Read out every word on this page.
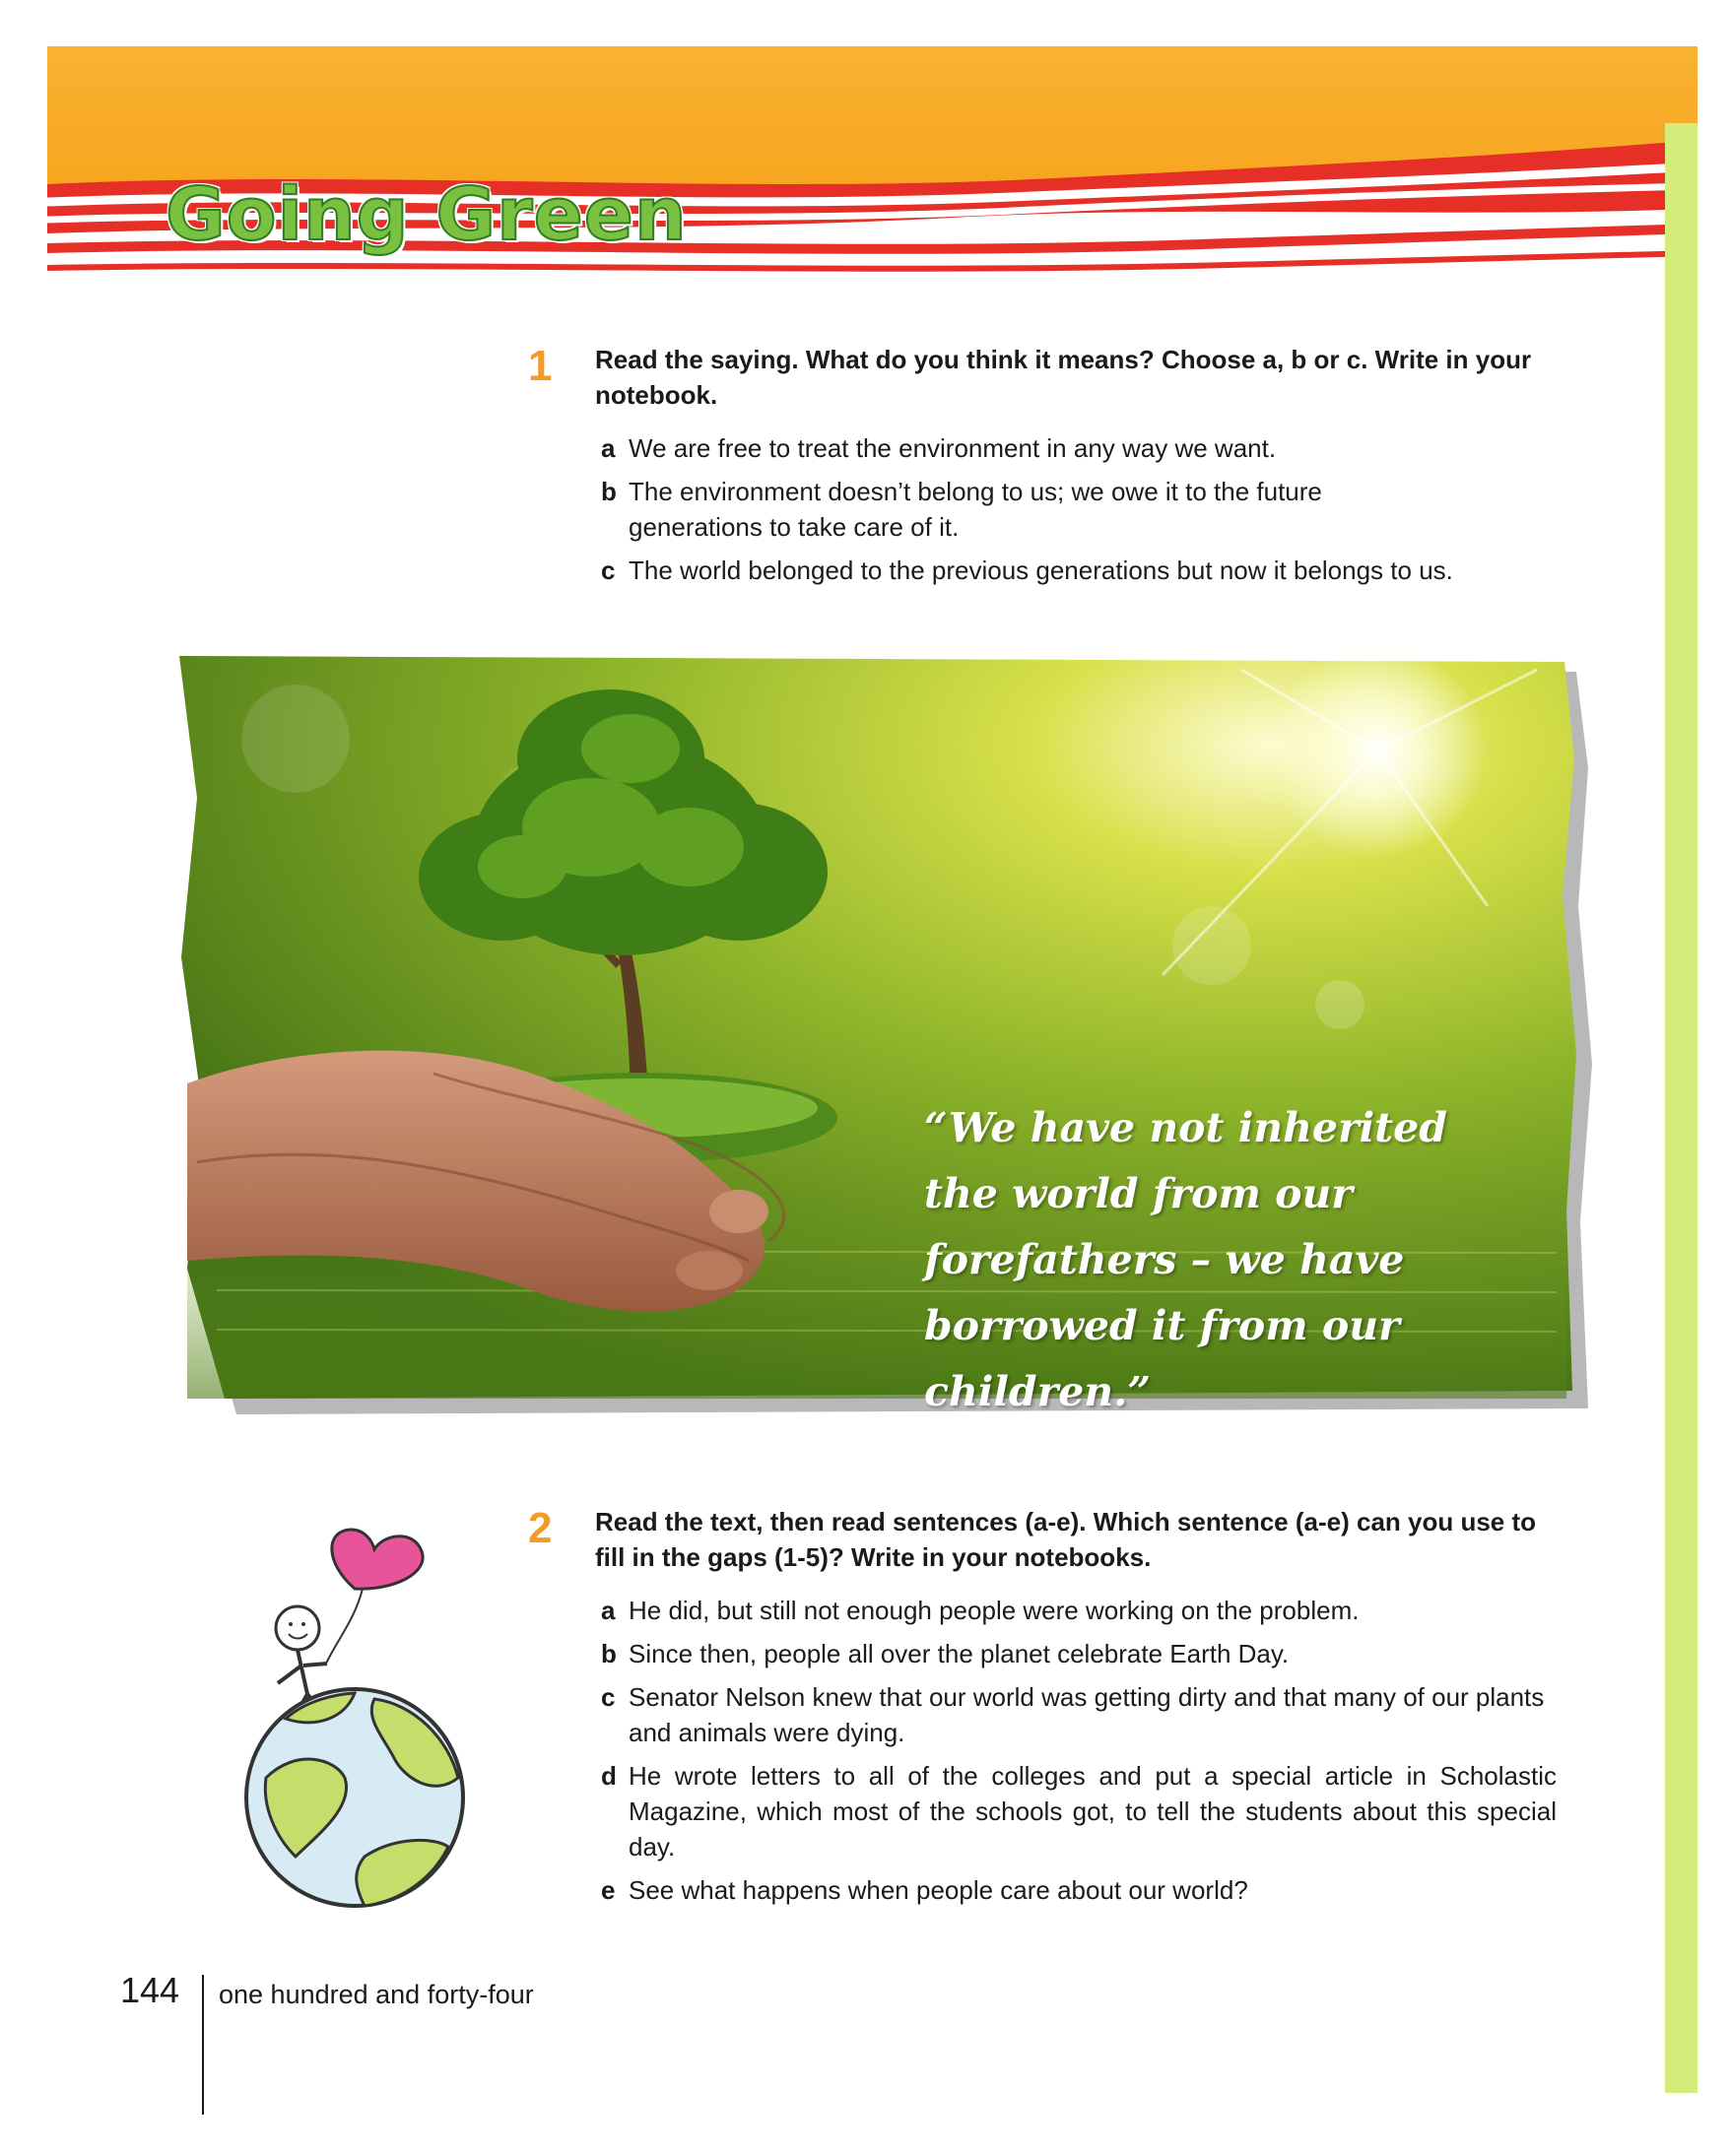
Going Green
1 Read the saying. What do you think it means? Choose a, b or c. Write in your notebook.

a We are free to treat the environment in any way we want.
b The environment doesn’t belong to us; we owe it to the future generations to take care of it.
c The world belonged to the previous generations but now it belongs to us.

“We have not inherited the world from our forefathers – we have borrowed it from our children.”

2 Read the text, then read sentences (a-e). Which sentence (a-e) can you use to fill in the gaps (1-5)? Write in your notebooks.

a He did, but still not enough people were working on the problem.
b Since then, people all over the planet celebrate Earth Day.
c Senator Nelson knew that our world was getting dirty and that many of our plants and animals were dying.
d He wrote letters to all of the colleges and put a special article in Scholastic Magazine, which most of the schools got, to tell the students about this special day.
e See what happens when people care about our world?
144 one hundred and forty-four
